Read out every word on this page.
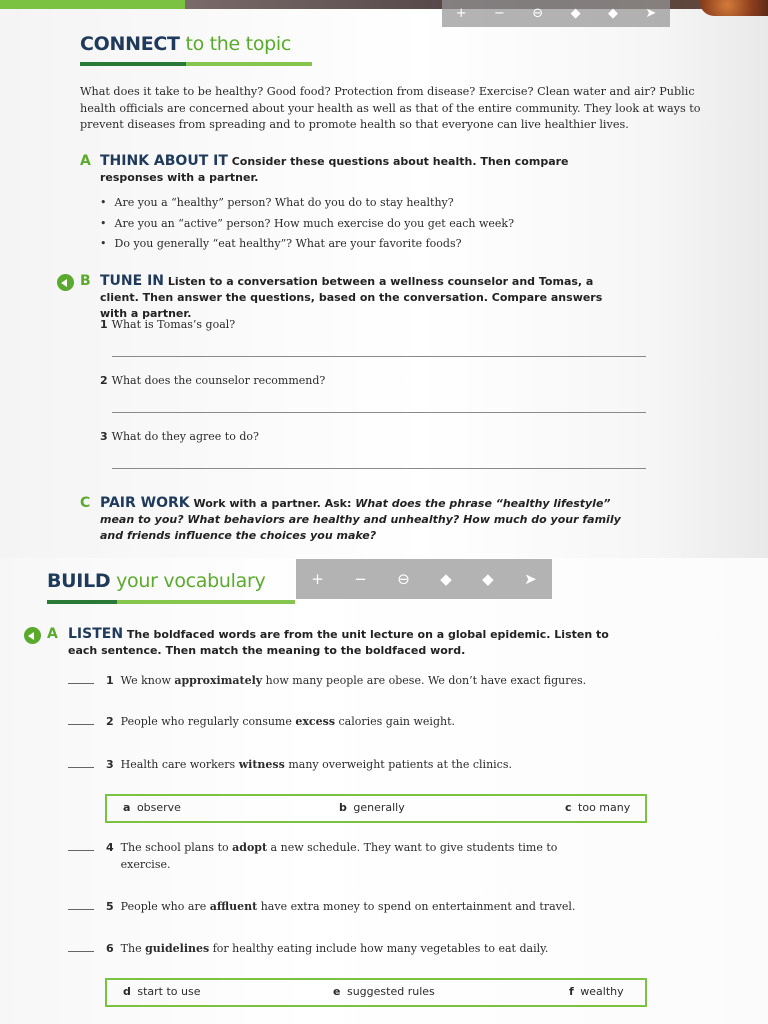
+ − ⊖ ◆ ◆ ➤
CONNECT to the topic
What does it take to be healthy? Good food? Protection from disease? Exercise? Clean water and air? Public health officials are concerned about your health as well as that of the entire community. They look at ways to prevent diseases from spreading and to promote health so that everyone can live healthier lives.
A THINK ABOUT IT Consider these questions about health. Then compare responses with a partner.
• Are you a “healthy” person? What do you do to stay healthy?
• Are you an “active” person? How much exercise do you get each week?
• Do you generally “eat healthy”? What are your favorite foods?
B TUNE IN Listen to a conversation between a wellness counselor and Tomas, a client. Then answer the questions, based on the conversation. Compare answers with a partner.
1 What is Tomas’s goal?
2 What does the counselor recommend?
3 What do they agree to do?
C PAIR WORK Work with a partner. Ask: What does the phrase “healthy lifestyle” mean to you? What behaviors are healthy and unhealthy? How much do your family and friends influence the choices you make?
BUILD your vocabulary	+ − ⊖ ◆ ◆ ➤
A LISTEN The boldfaced words are from the unit lecture on a global epidemic. Listen to each sentence. Then match the meaning to the boldfaced word.
1 We know approximately how many people are obese. We don’t have exact figures.
2 People who regularly consume excess calories gain weight.
3 Health care workers witness many overweight patients at the clinics.
a observe	b generally	c too many
4 The school plans to adopt a new schedule. They want to give students time to exercise.
5 People who are affluent have extra money to spend on entertainment and travel.
6 The guidelines for healthy eating include how many vegetables to eat daily.
d start to use	e suggested rules	f wealthy
